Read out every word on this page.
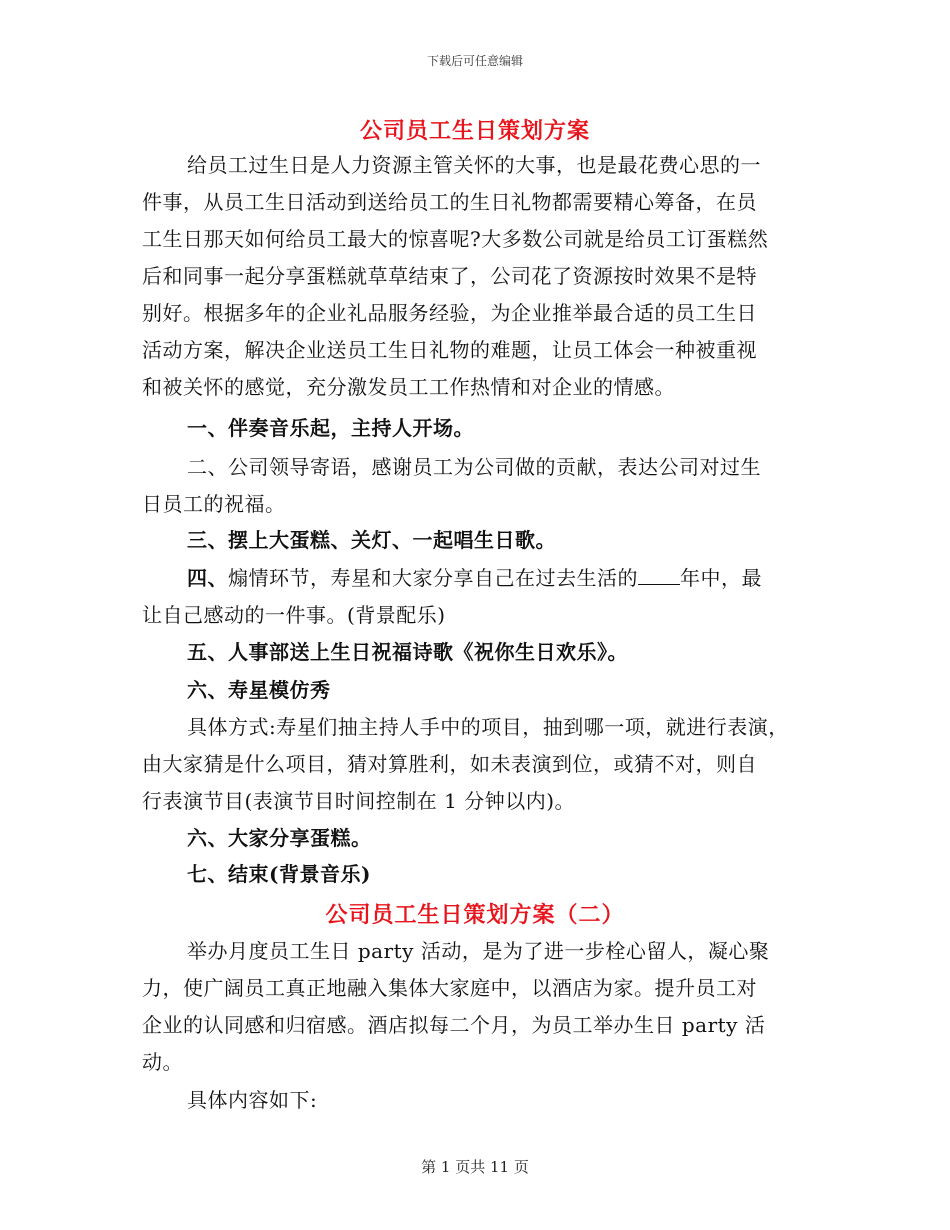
下载后可任意编辑
公司员工生日策划方案
给员工过生日是人力资源主管关怀的大事，也是最花费心思的一
件事，从员工生日活动到送给员工的生日礼物都需要精心筹备，在员
工生日那天如何给员工最大的惊喜呢?大多数公司就是给员工订蛋糕然
后和同事一起分享蛋糕就草草结束了，公司花了资源按时效果不是特
别好。根据多年的企业礼品服务经验，为企业推举最合适的员工生日
活动方案，解决企业送员工生日礼物的难题，让员工体会一种被重视
和被关怀的感觉，充分激发员工工作热情和对企业的情感。
一、伴奏音乐起，主持人开场。
二、公司领导寄语，感谢员工为公司做的贡献，表达公司对过生
日员工的祝福。
三、摆上大蛋糕、关灯、一起唱生日歌。
四、煽情环节，寿星和大家分享自己在过去生活的 年中，最
让自己感动的一件事。(背景配乐)
五、人事部送上生日祝福诗歌《祝你生日欢乐》。
六、寿星模仿秀
具体方式:寿星们抽主持人手中的项目，抽到哪一项，就进行表演，
由大家猜是什么项目，猜对算胜利，如未表演到位，或猜不对，则自
行表演节目(表演节目时间控制在 1 分钟以内)。
六、大家分享蛋糕。
七、结束(背景音乐)
公司员工生日策划方案（二）
举办月度员工生日 party 活动，是为了进一步栓心留人，凝心聚
力，使广阔员工真正地融入集体大家庭中，以酒店为家。提升员工对
企业的认同感和归宿感。酒店拟每二个月，为员工举办生日 party 活
动。
具体内容如下:
第 1 页共 11 页
